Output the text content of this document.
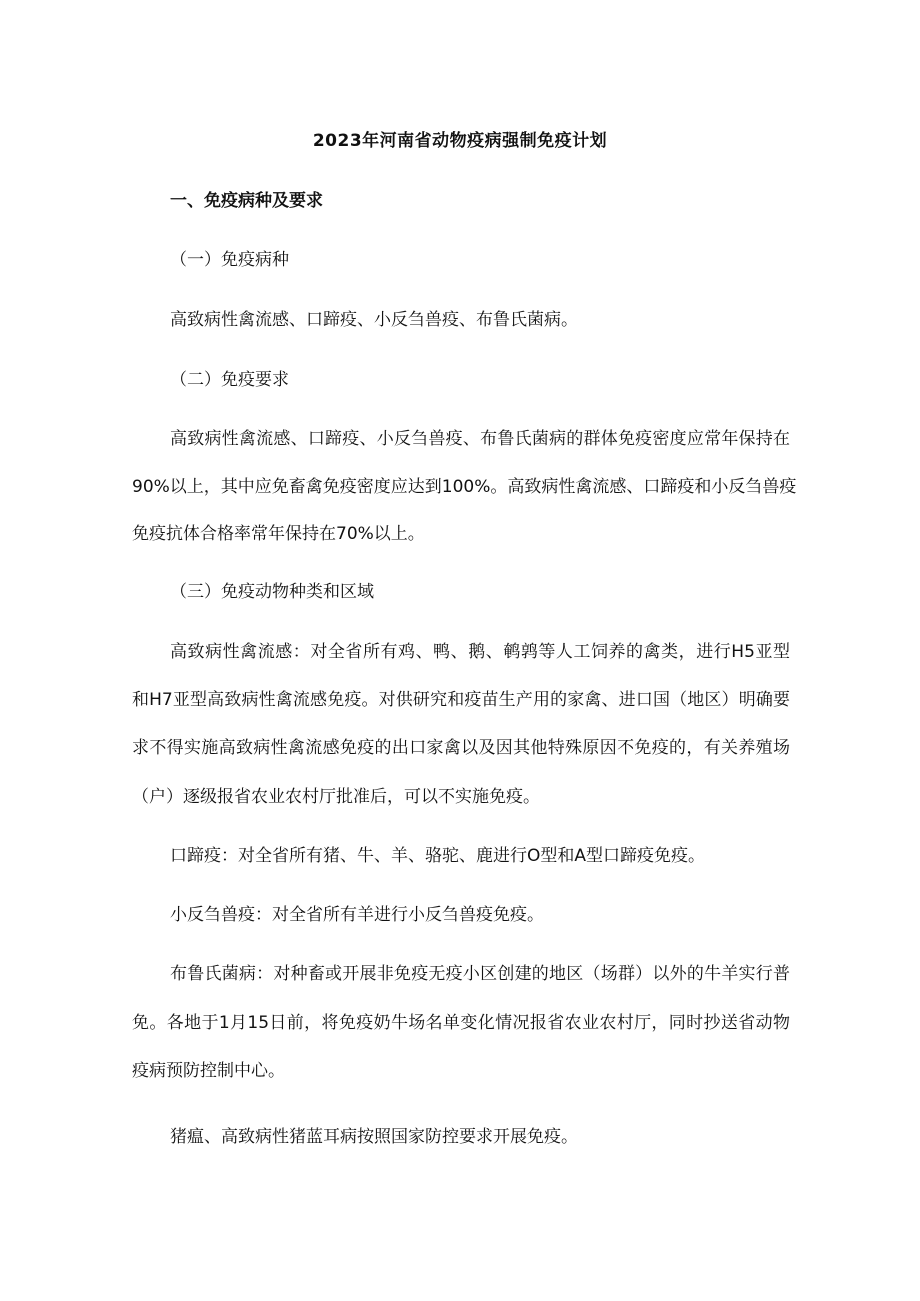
2023年河南省动物疫病强制免疫计划
一、免疫病种及要求
（一）免疫病种
高致病性禽流感、口蹄疫、小反刍兽疫、布鲁氏菌病。
（二）免疫要求
高致病性禽流感、口蹄疫、小反刍兽疫、布鲁氏菌病的群体免疫密度应常年保持在
90%以上，其中应免畜禽免疫密度应达到100%。高致病性禽流感、口蹄疫和小反刍兽疫
免疫抗体合格率常年保持在70%以上。
（三）免疫动物种类和区域
高致病性禽流感：对全省所有鸡、鸭、鹅、鹌鹑等人工饲养的禽类，进行H5亚型
和H7亚型高致病性禽流感免疫。对供研究和疫苗生产用的家禽、进口国（地区）明确要
求不得实施高致病性禽流感免疫的出口家禽以及因其他特殊原因不免疫的，有关养殖场
（户）逐级报省农业农村厅批准后，可以不实施免疫。
口蹄疫：对全省所有猪、牛、羊、骆驼、鹿进行O型和A型口蹄疫免疫。
小反刍兽疫：对全省所有羊进行小反刍兽疫免疫。
布鲁氏菌病：对种畜或开展非免疫无疫小区创建的地区（场群）以外的牛羊实行普
免。各地于1月15日前，将免疫奶牛场名单变化情况报省农业农村厅，同时抄送省动物
疫病预防控制中心。
猪瘟、高致病性猪蓝耳病按照国家防控要求开展免疫。
